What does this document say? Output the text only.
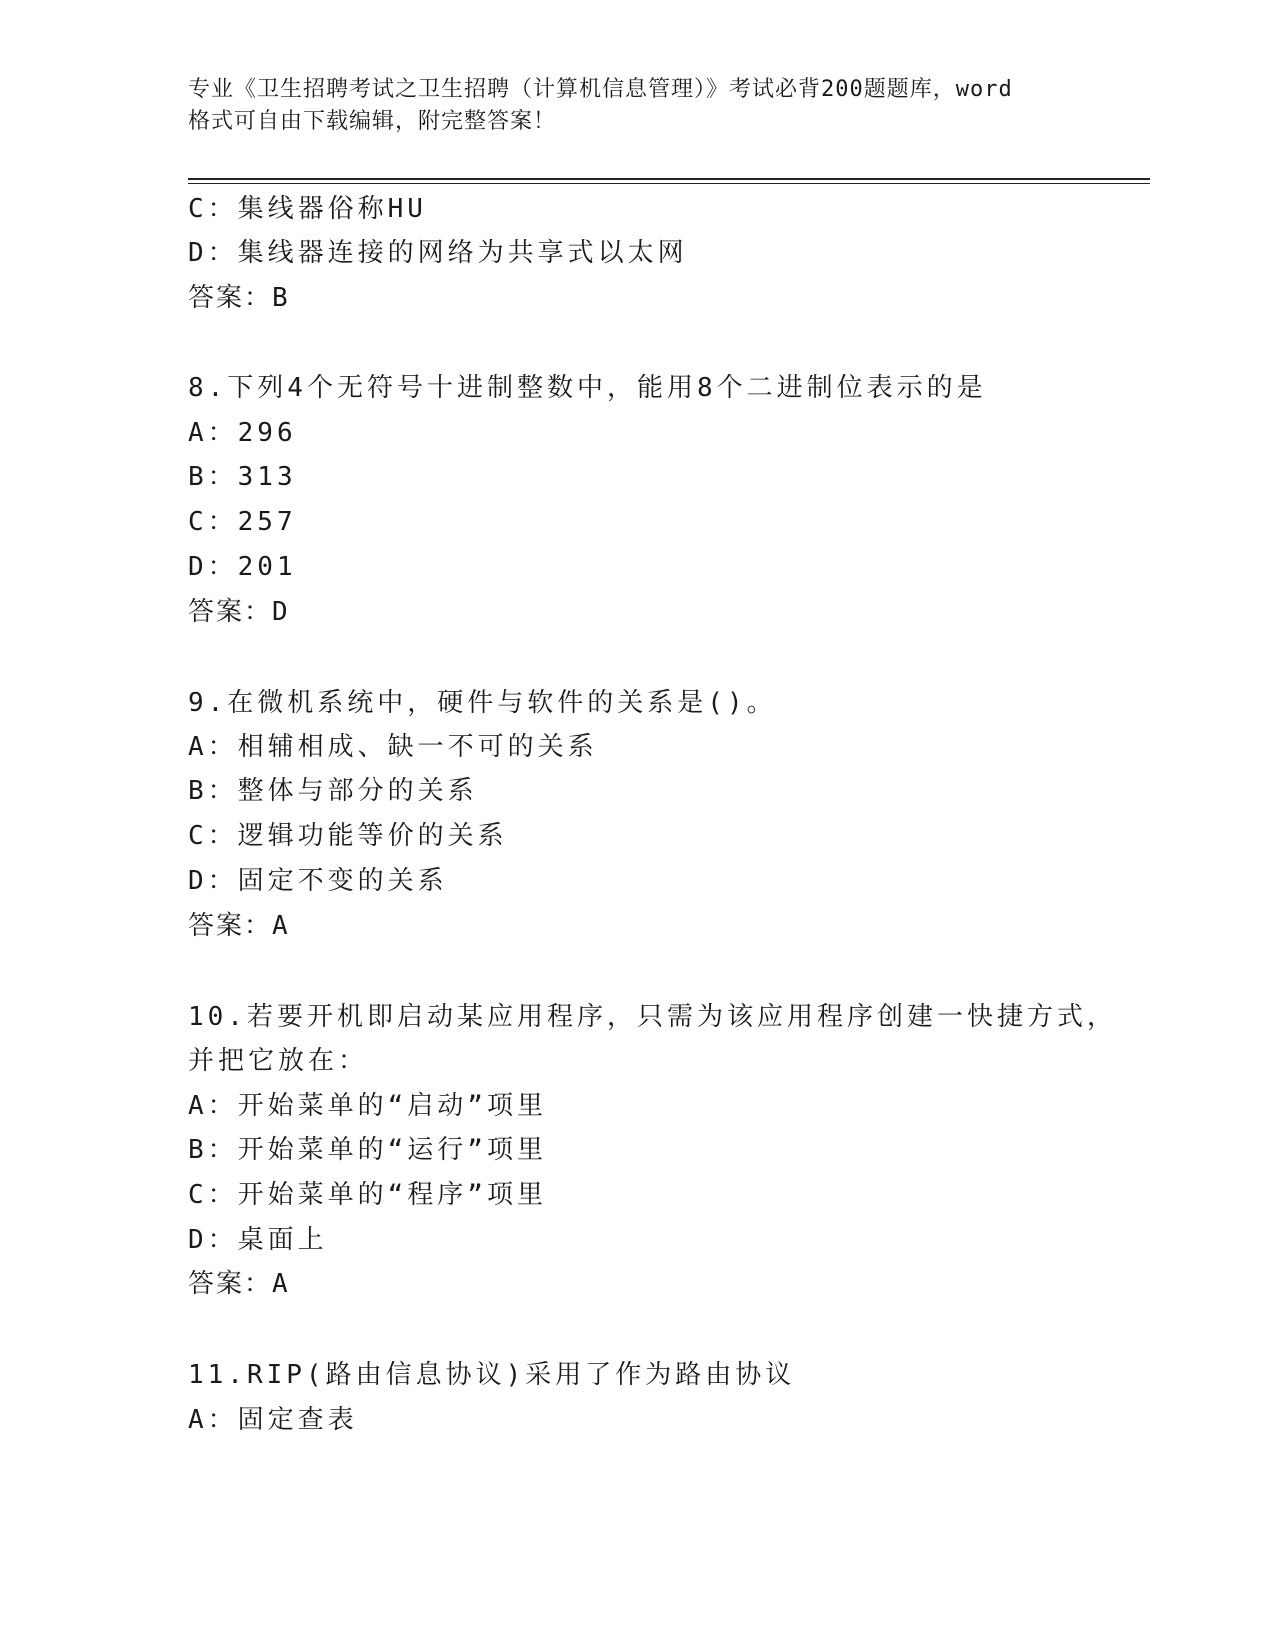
专业《卫生招聘考试之卫生招聘（计算机信息管理）》考试必背200题题库，word
格式可自由下载编辑，附完整答案！
C：集线器俗称HU
D：集线器连接的网络为共享式以太网
答案：B
8.下列4个无符号十进制整数中，能用8个二进制位表示的是
A：296
B：313
C：257
D：201
答案：D
9.在微机系统中，硬件与软件的关系是()。
A：相辅相成、缺一不可的关系
B：整体与部分的关系
C：逻辑功能等价的关系
D：固定不变的关系
答案：A
10.若要开机即启动某应用程序，只需为该应用程序创建一快捷方式，
并把它放在：
A：开始菜单的“启动”项里
B：开始菜单的“运行”项里
C：开始菜单的“程序”项里
D：桌面上
答案：A
11.RIP(路由信息协议)采用了作为路由协议
A：固定查表
